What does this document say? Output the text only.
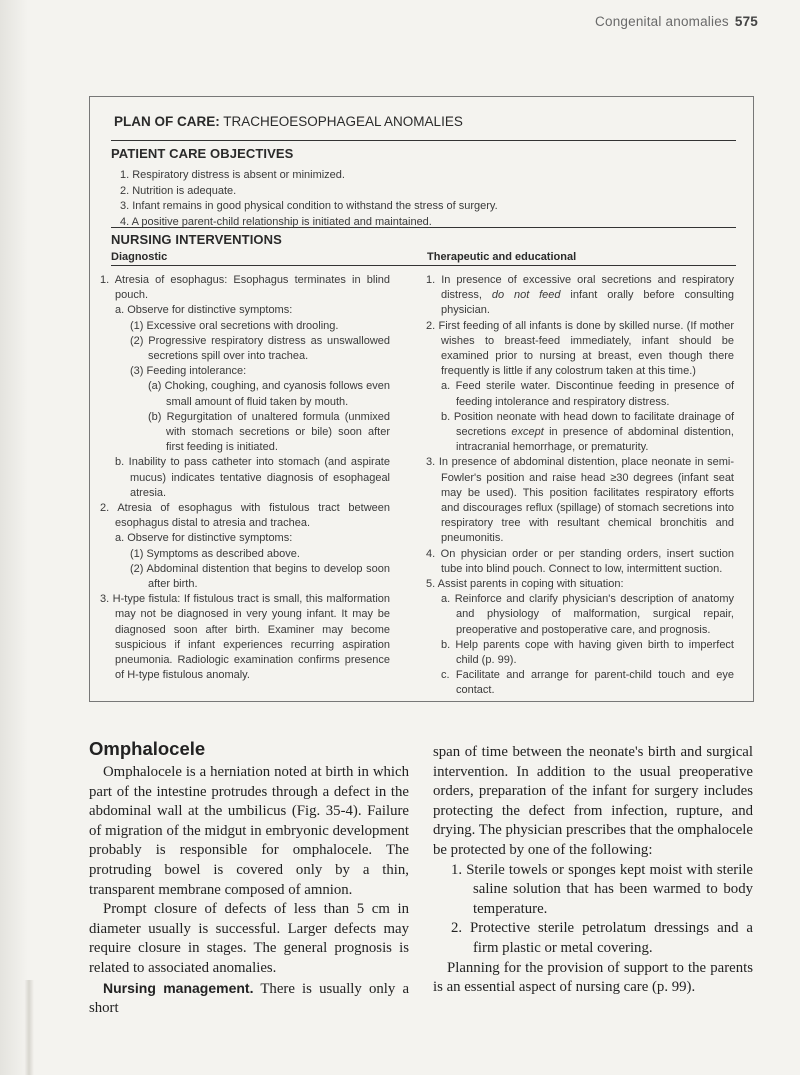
Congenital anomalies 575
PLAN OF CARE: TRACHEOESOPHAGEAL ANOMALIES
PATIENT CARE OBJECTIVES
1. Respiratory distress is absent or minimized.
2. Nutrition is adequate.
3. Infant remains in good physical condition to withstand the stress of surgery.
4. A positive parent-child relationship is initiated and maintained.
NURSING INTERVENTIONS
Diagnostic	Therapeutic and educational

1. Atresia of esophagus: Esophagus terminates in blind pouch.

a. Observe for distinctive symptoms:

(1) Excessive oral secretions with drooling.

(2) Progressive respiratory distress as unswallowed secretions spill over into trachea.

(3) Feeding intolerance:

(a) Choking, coughing, and cyanosis follows even small amount of fluid taken by mouth.

(b) Regurgitation of unaltered formula (unmixed with stomach secretions or bile) soon after first feeding is initiated.

b. Inability to pass catheter into stomach (and aspirate mucus) indicates tentative diagnosis of esophageal atresia.

2. Atresia of esophagus with fistulous tract between esophagus distal to atresia and trachea.

a. Observe for distinctive symptoms:

(1) Symptoms as described above.

(2) Abdominal distention that begins to develop soon after birth.

3. H-type fistula: If fistulous tract is small, this malformation may not be diagnosed in very young infant. It may be diagnosed soon after birth. Examiner may become suspicious if infant experiences recurring aspiration pneumonia. Radiologic examination confirms presence of H-type fistulous anomaly.

1. In presence of excessive oral secretions and respiratory distress, do not feed infant orally before consulting physician.

2. First feeding of all infants is done by skilled nurse. (If mother wishes to breast-feed immediately, infant should be examined prior to nursing at breast, even though there frequently is little if any colostrum taken at this time.)

a. Feed sterile water. Discontinue feeding in presence of feeding intolerance and respiratory distress.

b. Position neonate with head down to facilitate drainage of secretions except in presence of abdominal distention, intracranial hemorrhage, or prematurity.

3. In presence of abdominal distention, place neonate in semi-Fowler's position and raise head ≥30 degrees (infant seat may be used). This position facilitates respiratory efforts and discourages reflux (spillage) of stomach secretions into respiratory tree with resultant chemical bronchitis and pneumonitis.

4. On physician order or per standing orders, insert suction tube into blind pouch. Connect to low, intermittent suction.

5. Assist parents in coping with situation:

a. Reinforce and clarify physician's description of anatomy and physiology of malformation, surgical repair, preoperative and postoperative care, and prognosis.

b. Help parents cope with having given birth to imperfect child (p. 99).

c. Facilitate and arrange for parent-child touch and eye contact.

Omphalocele

Omphalocele is a herniation noted at birth in which part of the intestine protrudes through a defect in the abdominal wall at the umbilicus (Fig. 35-4). Failure of migration of the midgut in embryonic development probably is responsible for omphalocele. The protruding bowel is covered only by a thin, transparent membrane composed of amnion.

Prompt closure of defects of less than 5 cm in diameter usually is successful. Larger defects may require closure in stages. The general prognosis is related to associated anomalies.

Nursing management. There is usually only a short

span of time between the neonate's birth and surgical intervention. In addition to the usual preoperative orders, preparation of the infant for surgery includes protecting the defect from infection, rupture, and drying. The physician prescribes that the omphalocele be protected by one of the following:

1. Sterile towels or sponges kept moist with sterile saline solution that has been warmed to body temperature.

2. Protective sterile petrolatum dressings and a firm plastic or metal covering.

Planning for the provision of support to the parents is an essential aspect of nursing care (p. 99).
